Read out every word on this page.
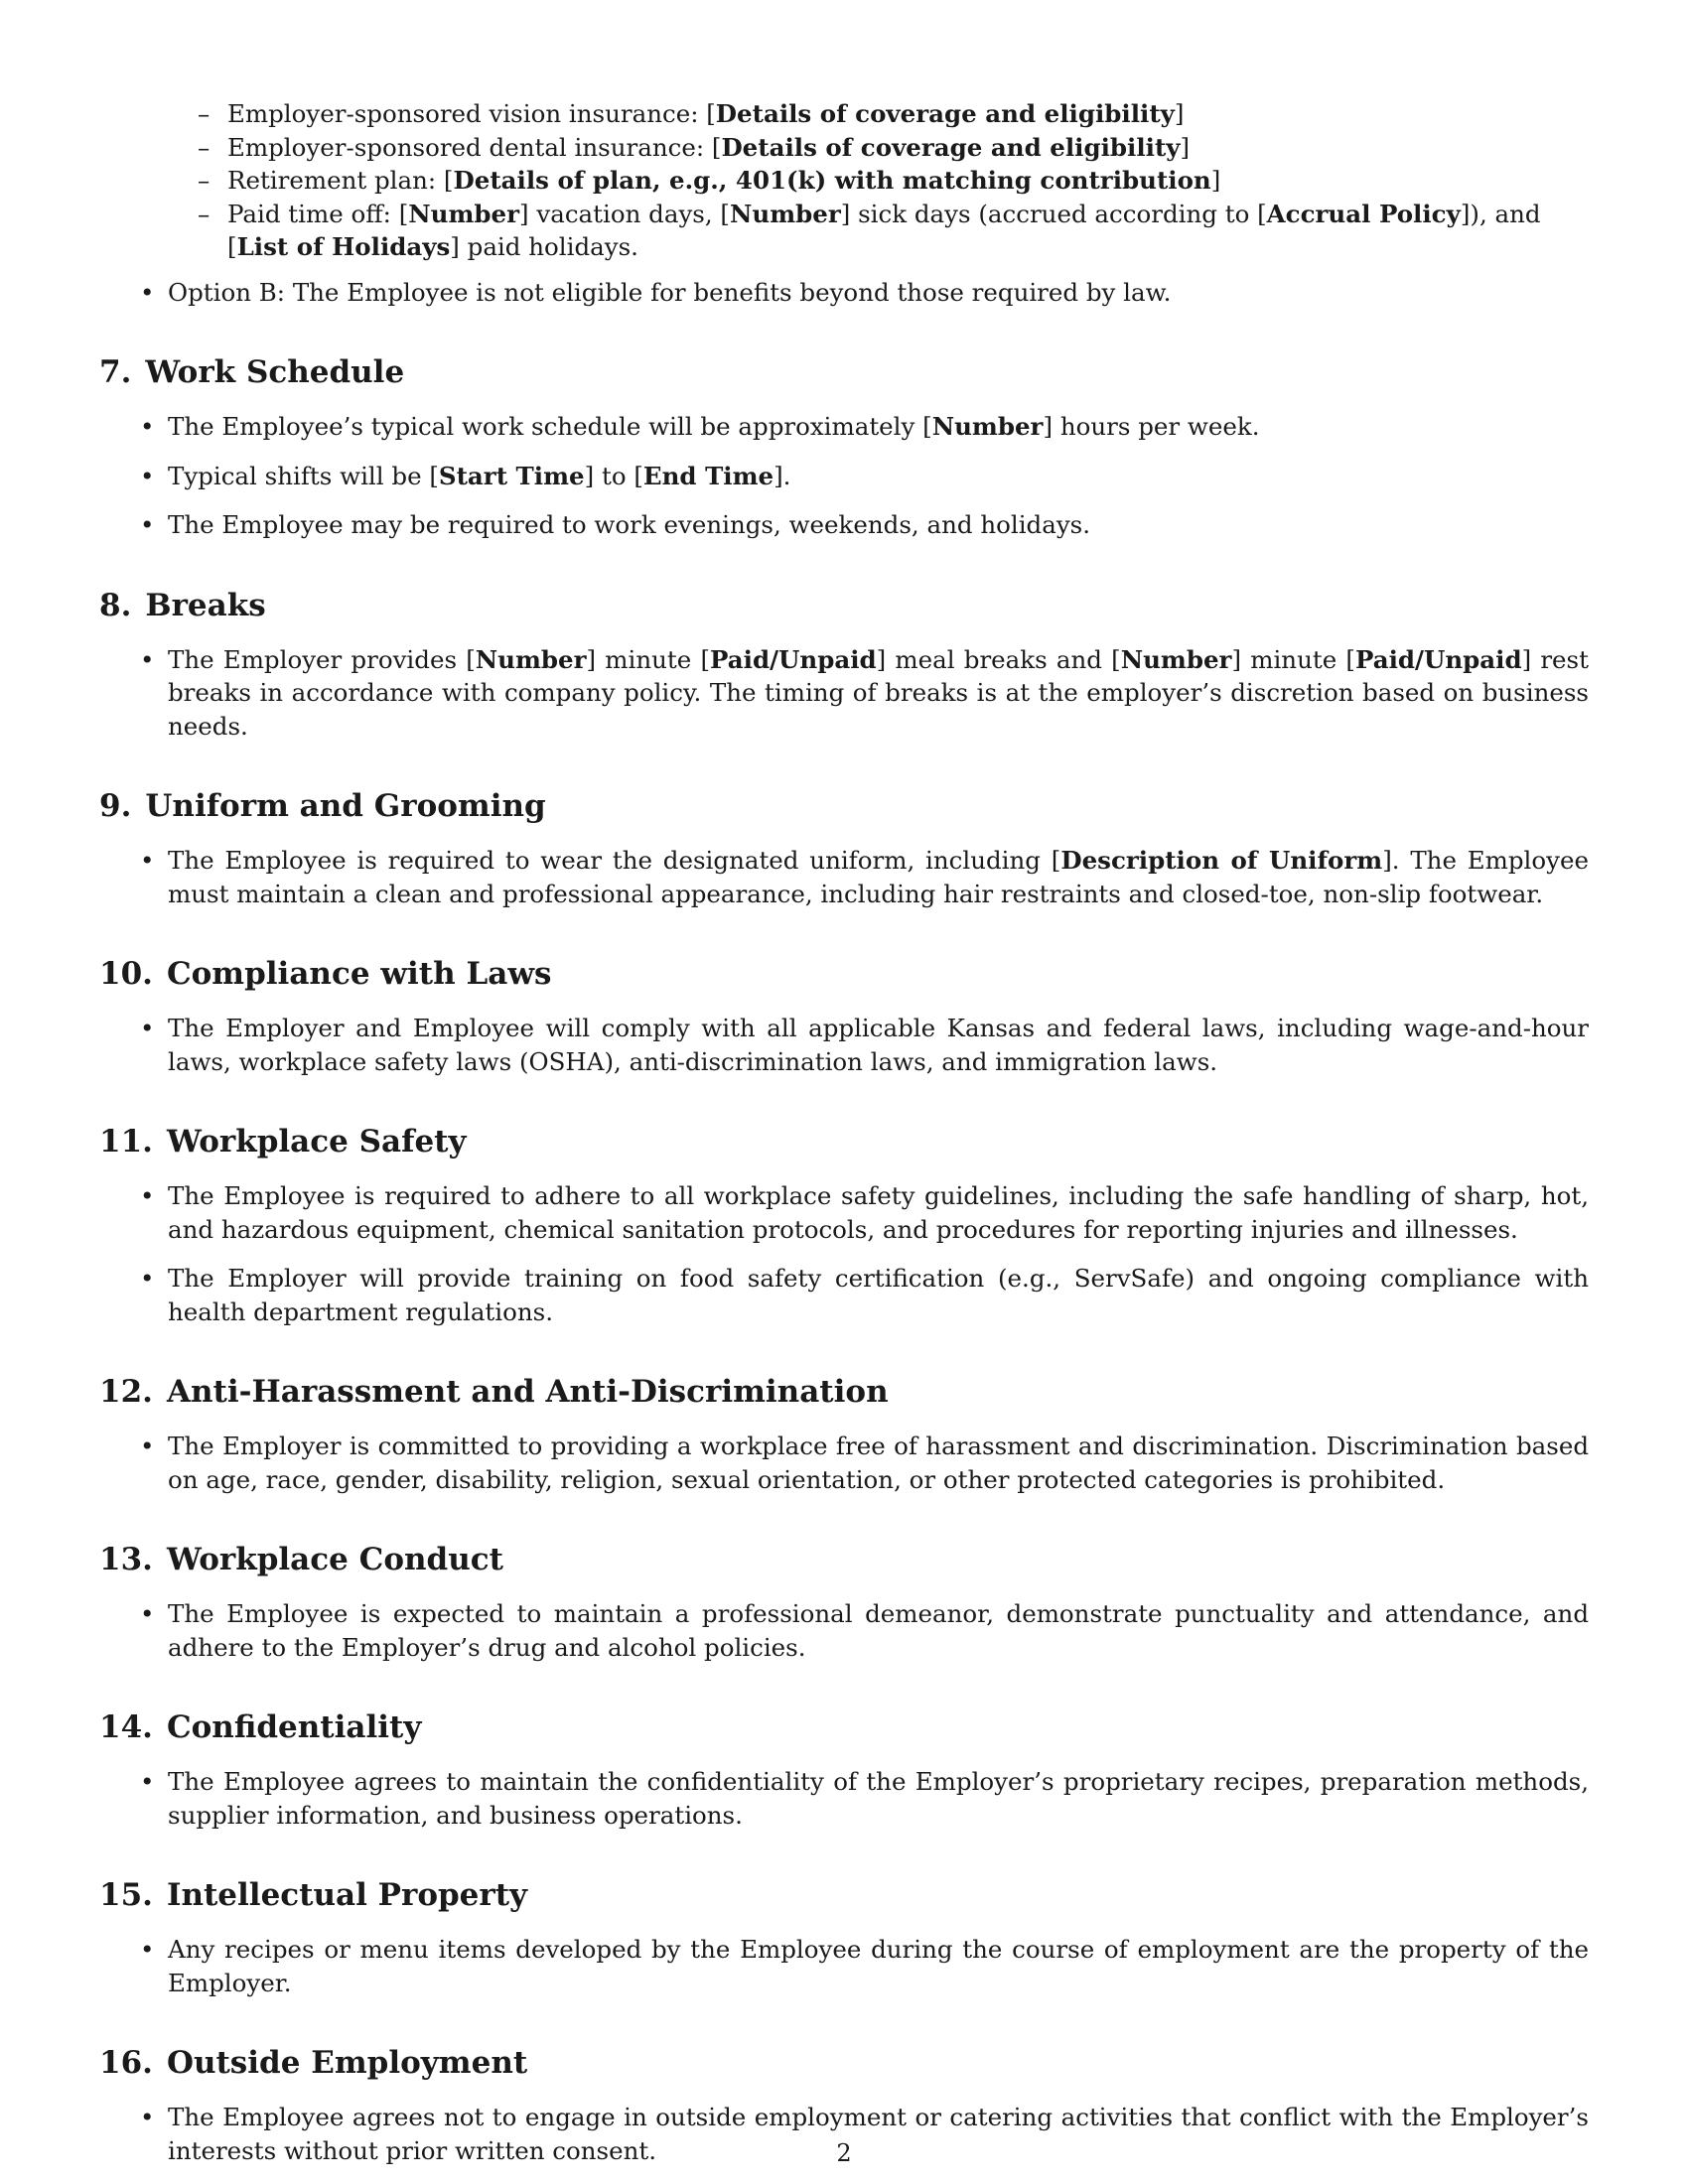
– Employer-sponsored vision insurance: [Details of coverage and eligibility]
– Employer-sponsored dental insurance: [Details of coverage and eligibility]
– Retirement plan: [Details of plan, e.g., 401(k) with matching contribution]
– Paid time off: [Number] vacation days, [Number] sick days (accrued according to [Accrual Policy]), and [List of Holidays] paid holidays.
• Option B: The Employee is not eligible for benefits beyond those required by law.
7. Work Schedule
• The Employee’s typical work schedule will be approximately [Number] hours per week.
• Typical shifts will be [Start Time] to [End Time].
• The Employee may be required to work evenings, weekends, and holidays.
8. Breaks
• The Employer provides [Number] minute [Paid/Unpaid] meal breaks and [Number] minute [Paid/Unpaid] rest breaks in accordance with company policy. The timing of breaks is at the employer’s discretion based on business needs.
9. Uniform and Grooming
• The Employee is required to wear the designated uniform, including [Description of Uniform]. The Employee must maintain a clean and professional appearance, including hair restraints and closed-toe, non-slip footwear.
10. Compliance with Laws
• The Employer and Employee will comply with all applicable Kansas and federal laws, including wage-and-hour laws, workplace safety laws (OSHA), anti-discrimination laws, and immigration laws.
11. Workplace Safety
• The Employee is required to adhere to all workplace safety guidelines, including the safe handling of sharp, hot, and hazardous equipment, chemical sanitation protocols, and procedures for reporting injuries and illnesses.
• The Employer will provide training on food safety certification (e.g., ServSafe) and ongoing compliance with health department regulations.
12. Anti-Harassment and Anti-Discrimination
• The Employer is committed to providing a workplace free of harassment and discrimination. Discrimination based on age, race, gender, disability, religion, sexual orientation, or other protected categories is prohibited.
13. Workplace Conduct
• The Employee is expected to maintain a professional demeanor, demonstrate punctuality and attendance, and adhere to the Employer’s drug and alcohol policies.
14. Confidentiality
• The Employee agrees to maintain the confidentiality of the Employer’s proprietary recipes, preparation methods, supplier information, and business operations.
15. Intellectual Property
• Any recipes or menu items developed by the Employee during the course of employment are the property of the Employer.
16. Outside Employment
• The Employee agrees not to engage in outside employment or catering activities that conflict with the Employer’s interests without prior written consent.	2
